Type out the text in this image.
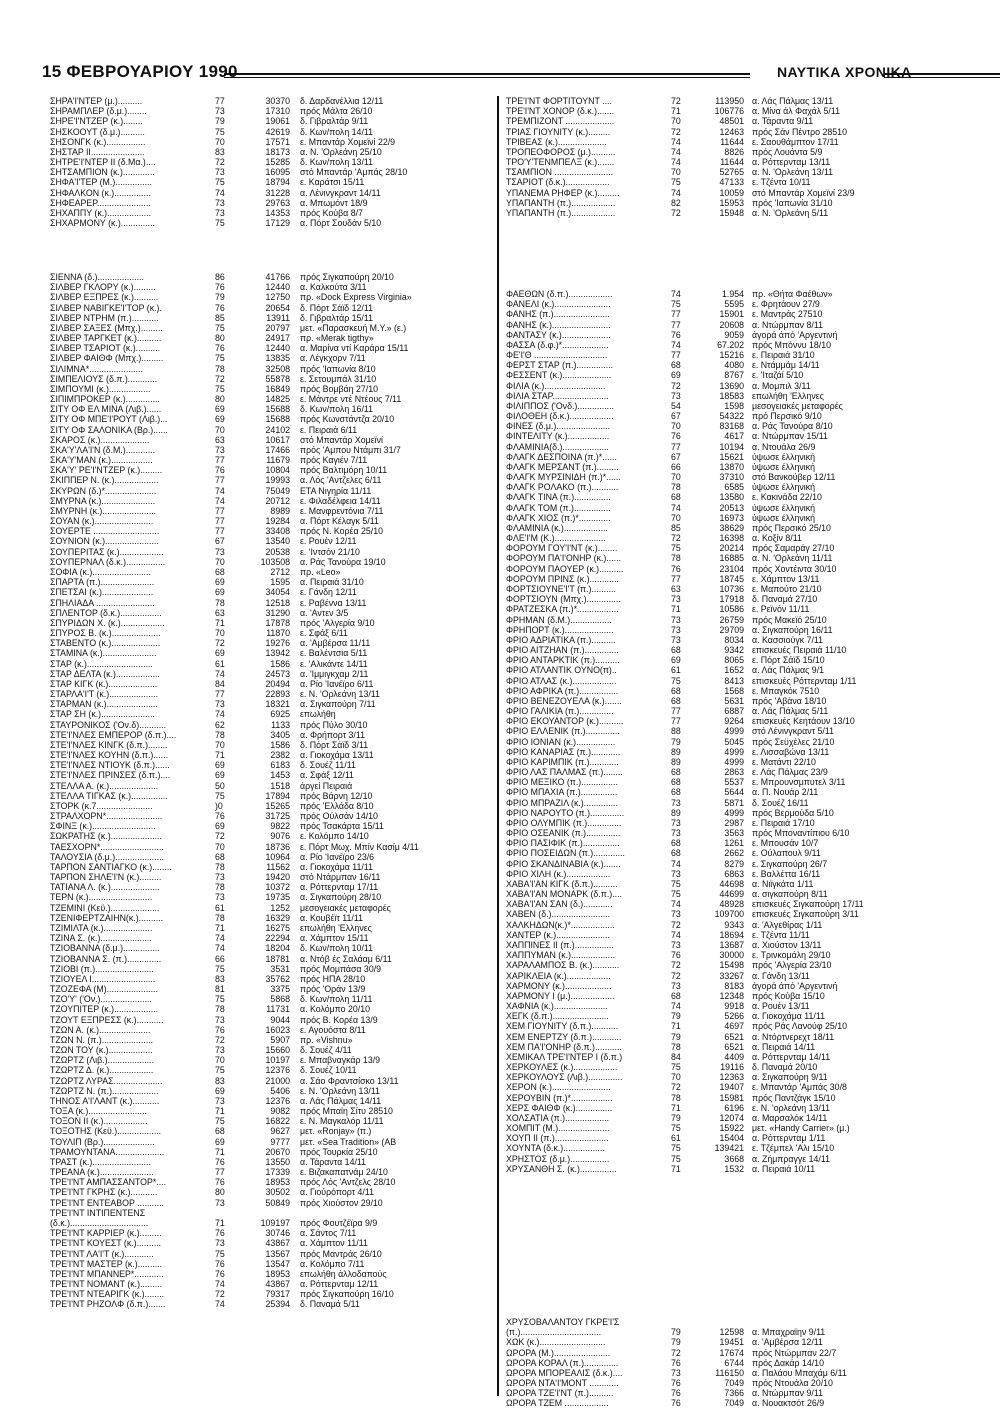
15 ΦΕΒΡΟΥΑΡΙΟΥ 1990	ΝΑΥΤΙΚΑ ΧΡΟΝΙΚΑ
ΣΗΡΑ'Ι'ΝΤΕΡ (μ.)..........	77	30370 δ. Δαρδανέλλια 12/11
ΣΗΡΑΜΠΛΕΡ (δ.μ.)........	73	17310 πρός Μάλτα 26/10
ΣΗΡΕ'Ι'ΝΤΖΕΡ (κ.)........	79	19061 δ. Γιβραλτάρ 9/11
ΣΗΣΚΟΟΥΤ (δ.μ.)..........	75	42619 δ. Κων/πολη 14/11
ΣΗΣΟΝΓΚ (κ.)................	70	17571 ε. Μπαντάρ Χομεϊνί 22/9
ΣΗΣΤΑΡ ΙΙ......................	83	18173 α. Ν. 'Ορλεάνη 25/10
ΣΗΤΡΕ'Ι'ΝΤΕΡ ΙΙ (δ.Μα.)....	72	15285 δ. Κων/πολη 13/11
ΣΗΤΣΑΜΠΙΟΝ (κ.).............	73	16095 στό Μπαντάρ 'Αμπάς 28/10
ΣΗΦΑ'Ι'ΤΕΡ (Μ.)...............	75	18794 ε. Καράτσι 15/11
ΣΗΦΑΛΚΟΝ (κ.)...............	74	31228 α. Λένινγκραντ 14/11
ΣΗΦΕΑΡΕΡ......................	73	29763 α. Μπωμόντ 18/9
ΣΗΧΑΠΠΥ (κ.)..................	73	14353 πρός Κούβα 8/7
ΣΗΧΑΡΜΟΝΥ (κ.)..............	75	17129 α. Πόρτ Σουδάν 5/10
ΣΙΕΝΝΑ (δ.)...................	86	41766 πρός Σιγκαπούρη 20/10
ΣΙΛΒΕΡ ΓΚΛΟΡΥ (κ.).........	76	12440 α. Καλκούτα 3/11
ΣΙΛΒΕΡ ΕΞΠΡΕΣ (κ.)..........	79	12750 πρ. «Dock Express Virginia»
ΣΙΛΒΕΡ ΝΑΒΙΓΚΕ'Ι'ΤΟΡ (κ.).	76	20654 δ. Πόρτ Σάϊδ 12/11
ΣΙΛΒΕΡ ΝΤΡΗΜ (π.)...........	85	13911 δ. Γιβραλτάρ 15/11
ΣΙΛΒΕΡ ΣΑΞΕΣ (Μπχ.).........	75	20797 μετ. «Παρασκευή Μ.Υ.» (ε.)
ΣΙΛΒΕΡ ΤΑΡΓΚΕΤ (κ.)..........	80	24917 πρ. «Merak tigthy»
ΣΙΛΒΕΡ ΤΣΑΡΙΟΤ (κ.)..........	76	12440 α. Μαρίνα ντί Καράρα 15/11
ΣΙΛΒΕΡ ΦΑΙΘΦ (Μπχ.).........	75	13835 α. Λέγκχορν 7/11
ΣΙΛΙΜΝΑ*......................	78	32508 πρός 'Ιαπωνία 8/10
ΣΙΜΠΕΛΙΟΥΣ (δ.π.)............	72	55878 ε. Σετουμπάλ 31/10
ΣΙΜΠΟΥΜΙ (κ.).................	75	16849 πρός Βομβάη 27/10
ΣΙΠΙΜΠΡΟΚΕΡ (κ.)..............	80	14825 ε. Μάντρε ντέ Ντέους 7/11
ΣΙΤΥ ΟΦ ΕΛ ΜΙΝΑ (Λιβ.)......	69	15688 δ. Κων/πολη 16/11
ΣΙΤΥ ΟΦ ΜΠΕ'Ι'ΡΟΥΤ (Λιβ.)...	69	15688 πρός Κωνστάντζα 20/10
ΣΙΤΥ ΟΦ ΣΑΛΟΝΙΚΑ (Βρ.)......	70	24102 ε. Πειραιά 6/11
ΣΚΑΡΟΣ (κ.)....................	63	10617 στό Μπαντάρ Χομεϊνί
ΣΚΑ'Υ'ΛΑ'Ι'Ν (δ.Μ.)............	73	17466 πρός 'Αμπου Ντάμπι 31/7
ΣΚΑ'Υ'ΜΑΝ (κ.).................	77	11679 πρός Καγιέν 7/11
ΣΚΑ'Υ' ΡΕ'Ι'ΝΤΖΕΡ (κ.).........	76	10804 πρός Βαλτιμόρη 10/11
ΣΚΙΠΠΕΡ Ν. (κ.)..................	77	19993 α. Λός 'Αντζελες 6/11
ΣΚΥΡΩΝ (δ.)*.....................	74	75049 ΕΤΑ Νιγηρία 11/11
ΣΜΥΡΝΑ (κ.)......................	74	20712 ε. Φιλαδέλφεια 14/11
ΣΜΥΡΝΗ (κ.)......................	77	8989 ε. Μανφρεντόνια 7/11
ΣΟΥΑΝ (κ.)........................	77	19284 α. Πόρτ Κέλαγκ 5/11
ΣΟΥΕΡΤΕ ...........................	77	33408 πρός Ν. Κορέα 25/10
ΣΟΥΝΙΟΝ (κ.)......................	67	13540 ε. Ρουέν 12/11
ΣΟΥΠΕΡΙΤΑΣ (κ.)..................	73	20538 ε. 'Ιντσόν 21/10
ΣΟΥΠΕΡΝΑΛ (δ.κ.)................	70	103508 α. Ράς Τανούρα 19/10
ΣΟΦΙΑ (κ.)........................	68	2712 πρ. «Leo»
ΣΠΑΡΤΑ (π.)......................	69	1595 α. Πειραιά 31/10
ΣΠΕΤΣΑΙ (κ.).....................	69	34054 ε. Γάνδη 12/11
ΣΠΗΛΙΑΔΑ ........................	78	12518 ε. Ραβέννα 13/11
ΣΠΛΕΝΤΟΡ (δ.κ.).................	63	31290 α. 'Αντεν 3/5
ΣΠΥΡΙΔΩΝ Χ. (κ.)..................	71	17878 πρός 'Αλγερία 9/10
ΣΠΥΡΟΣ Β. (κ.)....................	70	11870 ε. Σφάξ 6/11
ΣΤΑΒΕΝΤΟ (κ.)....................	72	19276 α. 'Αμβέρσα 11/11
ΣΤΑΜΙΝΑ (κ.)......................	69	13942 ε. Βαλέντσια 5/11
ΣΤΑΡ (κ.)...........................	61	1586 ε. 'Αλικάντε 14/11
ΣΤΑΡ ΔΕΛΤΑ (κ.)..................	74	24573 α. 'Ιμμιγκχαμ 2/11
ΣΤΑΡ ΚΙΓΚ (κ.)....................	84	20494 α. Ρίο 'Ιανέϊρο 6/11
ΣΤΑΡΛΑ'Ι'Τ (κ.)....................	77	22893 ε. Ν. 'Ορλεάνη 13/11
ΣΤΑΡΜΑΝ (κ.).....................	73	18321 α. Σιγκαπούρη 7/11
ΣΤΑΡ ΣΗ (κ.)......................	74	6925 επωλήθη
ΣΤΑΥΡΟΝΙΚΟΣ ('Ον.δ)...........	62	1133 πρός Πύλο 30/10
ΣΤΕ'Ι'ΝΛΕΣ ΕΜΠΕΡΟΡ (δ.π.)....	78	3405 α. Φρήπορτ 3/11
ΣΤΕ'Ι'ΝΛΕΣ ΚΙΝΓΚ (δ.π.)........	70	1586 δ. Πόρτ Σάϊδ 3/11
ΣΤΕ'Ι'ΝΛΕΣ ΚΟΥΗΝ (δ.π.)......	71	2382 α. Γιοκοχάμα 13/11
ΣΤΕ'Ι'ΝΛΕΣ ΝΤΙΟΥΚ (δ.π.)......	69	6183 δ. Σουέζ 11/11
ΣΤΕ'Ι'ΝΛΕΣ ΠΡΙΝΣΕΣ (δ.π.)....	69	1453 α. Σφάξ 12/11
ΣΤΕΛΛΑ Α. (κ.)....................	50	1518 άργεί Πειραιά
ΣΤΕΛΛΑ ΤΙΓΚΑΣ (κ.)...............	75	17894 πρός Βάρνη 12/10
ΣΤΟΡΚ (κ.7.......................	)0	15265 πρός 'Ελλάδα 8/10
ΣΤΡΑΛΧΟΡΝ*.......................	76	31725 πρός Ούλσάν 14/10
ΣΦΙΝΞ (κ.)..........................	69	9822 πρός Τσακάρτα 15/11
ΣΩΚΡΑΤΗΣ (κ.).....................	72	9076 ε. Κολόμπο 14/10
ΤΑΕΣΧΟΡΝ*..........................	70	18736 ε. Πόρτ Μωχ. Μπίν Κασίμ 4/11
ΤΑΛΟΥΣΙΑ (δ.μ.)....................	68	10964 α. Ρίο 'Ιανέϊρο 23/6
ΤΑΡΠΟΝ ΣΑΝΤΙΑΓΚΟ (κ.)........	78	11562 α. Γιοκοχάμα 11/11
ΤΑΡΠΟΝ ΣΗΛΕ'Ι'Ν (κ.).........	73	19420 στό Ντάρμπαν 16/11
ΤΑΤΙΑΝΑ Λ. (κ.)....................	78	10372 α. Ρόττερνταμ 17/11
ΤΕΡΝ (κ.)..........................	73	19735 α. Σιγκαπούρη 28/10
ΤΖΕΜΙΝΙ (Κεϋ.)....................	61	1252 μεσογειακές μεταφορές
ΤΖΕΝΙΦΕΡΤΖΑΙΗΝ(κ.)..........	78	16329 α. Κουβέϊτ 11/11
ΤΖΙΜΙΛΤΑ (κ.)....................	71	16275 επωλήθη 'Ελληνες
ΤΖΙΝΑ Σ. (κ.).....................	74	22294 α. Χάμπτον 15/11
ΤΖΙΟΒΑΝΝΑ (δ.μ.)...............	74	18204 δ. Κων/πολη 10/11
ΤΖΙΟΒΑΝΝΑ Σ. (π.)..............	66	18781 α. Ντόβ ές Σαλάαμ 6/11
ΤΖΙΟΒΙ (π.)........................	75	3531 πρός Μομπάσα 30/9
ΤΖΙΟΥΕΛ Ι..........................	83	35762 πρός ΗΠΑ 28/10
ΤΖΟΖΕΦΑ (Μ).....................	81	3375 πρός 'Οράν 13/9
ΤΖΟ'Υ' ('Ον.).....................	75	5868 δ. Κων/πολη 11/11
ΤΖΟΥΠΙΤΕΡ (κ.)..................	78	11731 α. Κολόμπο 20/10
ΤΖΟΥΤ ΕΞΠΡΕΣΣ (κ.)...........	73	9044 πρός Β. Κορέα 13/9
ΤΖΩΝ Α. (κ.).....................	76	16023 ε. Αγουόστα 8/11
ΤΖΩΝ Ν. (π.).....................	72	5907 πρ. «Vishnu»
ΤΖΩΝ ΤΟΥ (κ.)..................	73	15660 δ. Σουέζ 4/11
ΤΖΩΡΤΖ (Λιβ.)...................	70	10197 ε. Μπαβναγκάρ 13/9
ΤΖΩΡΤΖ Δ. (κ.)..................	75	12376 δ. Σουέζ 10/11
ΤΖΩΡΤΖ ΛΥΡΑΣ....................	83	21000 α. Σάο Φραντσίσκο 13/11
ΤΖΩΡΤΖ Ν. (π.)...................	69	5406 ε. Ν. 'Ορλεάνη 13/11
ΤΗΝΟΣ Α'Ι'ΛΑΝΤ (κ.)...........	73	12376 α. Λάς Πάλμας 14/11
ΤΟΞΑ (κ.)........................	71	9082 πρός Μπαϊη Σίτυ 28510
ΤΟΞΟΝ ΙΙ (κ.)..................	75	16822 ε. Ν. Μαγκαλόρ 11/11
ΤΟΞΟΤΗΣ (Κεϋ.)..................	68	9627 μετ. «Ronjay» (π.)
ΤΟΥΛΙΠ (Βρ.).....................	69	9777 μετ. «Sea Tradition» (ΑΒ
ΤΡΑΜΟΥΝΤΑΝΑ....................	71	20670 πρός Τουρκία 25/10
ΤΡΑΣΤ (κ.)........................	76	13550 α. Τάραντα 14/11
ΤΡΕΑΝΑ (κ.)......................	77	17339 ε. Βιζακαπατνάμ 24/10
ΤΡΕ'Ι'ΝΤ ΑΜΠΑΣΣΑΝΤΟΡ*....	76	18953 πρός Λός 'Αντζελς 28/10
ΤΡΕ'Ι'ΝΤ ΓΚΡΗΣ (κ.)...........	80	30502 α. Γιούρόπορτ 4/11
ΤΡΕ'Ι'ΝΤ ΕΝΤΕΑΒΟΡ ...........	73	50849 πρός Χιούστον 29/10
ΤΡΕ'Ι'ΝΤ ΙΝΤΙΠΕΝΤΕΝΣ
(δ.κ.)................................	71	109197 πρός Φουτζέϊρα 9/9
ΤΡΕ'Ι'ΝΤ ΚΑΡΡΙΕΡ (κ.).........	76	30746 α. Σάντος 7/11
ΤΡΕ'Ι'ΝΤ ΚΟΥΕΣΤ (κ.)..........	73	43867 α. Χάμπτον 11/11
ΤΡΕ'Ι'ΝΤ ΛΑ'Ι'Τ (κ.)............	75	13567 πρός Μαντράς 26/10
ΤΡΕ'Ι'ΝΤ ΜΑΣΤΕΡ (κ.)..........	76	13547 α. Κολόμπο 7/11
ΤΡΕ'Ι'ΝΤ ΜΠΑΝΝΕΡ*............	76	18953 επωλήθη άλλοδαπούς
ΤΡΕ'Ι'ΝΤ ΝΟΜΑΝΤ (κ.).........	74	43867 α. Ρόττερνταμ 12/11
ΤΡΕ'Ι'ΝΤ ΝΤΕΑΡΙΓΚ (κ.)........	72	79317 πρός Σιγκαπούρη 16/10
ΤΡΕ'Ι'ΝΤ ΡΗΖΟΛΦ (δ.π.).......	74	25394 δ. Παναμά 5/11
ΤΡΕ'Ι'ΝΤ ΦΟΡΤΙΤΟΥΝΤ ....	72	113950 α. Λάς Πάλμας 13/11
ΤΡΕ'Ι'ΝΤ ΧΟΝΟΡ (δ.κ.).......	71	106776 α. Μίνα άλ Φαχάλ 5/11
ΤΡΕΜΠΙΖΟΝΤ ....................	70	48501 α. Τάραντα 9/11
ΤΡΙΑΣ ΓΙΟΥΝΙΤΥ (κ.).........	72	12463 πρός Σάν Πέντρο 28510
ΤΡΙΒΕΑΣ (κ.)....................	74	11644 ε. Σαουθάμπτον 17/11
ΤΡΟΠΕΟΦΟΡΟΣ (μ.)..........	74	8826 πρός Λουάντα 5/9
ΤΡΟ'Υ'ΤΕΝΜΠΕΛΞ (κ.).......	74	11644 α. Ρόττερνταμ 13/11
ΤΣΑΜΠΙΟΝ ........................	70	52765 α. Ν. 'Ορλεάνη 13/11
ΤΣΑΡΙΟΤ (δ.κ.)..................	75	47133 ε. Τζέντα 10/11
ΥΠΑΝΕΜΑ ΡΗΦΕΡ (κ.).........	74	10059 στό Μπαντάρ Χομεϊνί 23/9
ΥΠΑΠΑΝΤΗ (π.)..................	82	15953 πρός 'Ιαπωνία 31/10
ΥΠΑΠΑΝΤΗ (π.)..................	72	15948 α. Ν. 'Ορλεάνη 5/11
ΦΑΕΘΩΝ (δ.π.)..................	74	1.954 πρ. «Θήτα Φαέθων»
ΦΑΝΕΛΙ (κ.).......................	75	5595 ε. Φρητάουν 27/9
ΦΑΝΗΣ (π.).......................	77	15901 ε. Μαντράς 27510
ΦΑΝΗΣ (κ.)........................	77	20608 α. Ντώρμπαν 8/11
ΦΑΝΤΑΣΥ (κ.)....................	76	9059 άγορά άπό 'Αργεντινή
ΦΑΣΣΑ (δ.φ.)*...................	74	67.202 πρός Μπόννυ 18/10
ΦΕ'Ι'Θ ..............................	77	15216 ε. Πειραιά 31/10
ΦΕΡΣΤ ΣΤΑΡ (π.)...............	68	4080 ε. Ντάμμάμ 14/11
ΦΕΣΣΕΝΤ (κ.)....................	69	8767 ε. 'Ιταζάί 5/10
ΦΙΛΙΑ (κ.).........................	72	13690 α. Μομπιλ 3/11
ΦΙΛΙΑ ΣΤΑΡ.......................	73	18583 επωλήθη 'Ελληνες
ΦΙΛΙΠΠΟΣ ('Ονδ.)...............	54	1598 μεσογειακές μεταφορές
ΦΙΛΟΘΕΗ (δ.κ.)..................	67	54322 πρό Περσικό 9/10
ΦΙΝΕΣ (δ.μ.)......................	70	83168 α. Ράς Τανούρα 8/10
ΦΙΝΤΕΛΙΤΥ (κ.).................	76	4617 α. Ντώρμπαν 15/11
ΦΛΑΜΙΝΙΑ(δ.)...................	77	10194 α. Ντουάλα 26/9
ΦΛΑΓΚ ΔΕΣΠΟΙΝΑ (π.)*......	67	15621 ύψωσε έλληνική
ΦΛΑΓΚ ΜΕΡΣΑΝΤ (π.).........	66	13870 ύψωσε έλληνική
ΦΛΑΓΚ ΜΥΡΣΙΝΙΔΗ (π.)*......	70	37310 στό Βανκούβερ 12/11
ΦΛΑΓΚ ΡΟΛΑΚΟ (π.)...........	78	6585 ύψωσε έλληνική
ΦΛΑΓΚ ΤΙΝΑ (π.)...............	68	13580 ε. Κακινάδα 22/10
ΦΛΑΓΚ ΤΟΜ (π.)...............	74	20513 ύψωσε έλληνική
ΦΛΑΓΚ ΧΙΟΣ (π.)*.............	70	16973 ύψωσε έλληνική
ΦΛΑΜΙΝΙΑ (κ.)..................	85	38629 πρός Περσικό 25/10
ΦΛΕ'Ι'Μ (Κ.).....................	72	16398 α. Κοξίν 8/11
ΦΟΡΟΥΜ ΓΟΥ'Ι'ΝΤ (κ.)........	75	20214 πρός Σαμαράγ 27/10
ΦΟΡΟΥΜ ΠΑ'Ι'ΟΝΗΡ (κ.)......	78	16885 α. Ν. 'Ορλεάνη 11/11
ΦΟΡΟΥΜ ΠΑΟΥΕΡ (κ.)..........	76	23104 πρός Χοντέιντα 30/10
ΦΟΡΟΥΜ ΠΡΙΝΣ (κ.)............	77	18745 ε. Χάμπτον 13/11
ΦΟΡΤΣΙΟΥΝΕ'Ι'Τ (π.)..........	63	10736 ε. Μαπούτο 21/10
ΦΟΡΤΣΙΟΥΝ (Μπχ.)..............	73	17918 δ. Παναμά 27/10
ΦΡΑΤΖΕΣΚΑ (π.)*.................	71	10586 ε. Ρεϊνόν 11/11
ΦΡΗΜΑΝ (δ.Μ.).................	73	26759 πρός Μακεϊό 25/10
ΦΡΗΠΟΡΤ (κ.)....................	73	29709 α. Σιγκαπούρη 16/11
ΦΡΙΟ ΑΔΡΙΑΤΙΚΑ (π.)..........	73	8034 α. Κασσιούγκ 7/11
ΦΡΙΟ ΑΙΤΖΗΑΝ (π.)..............	68	9342 επισκευές Πειραιά 11/10
ΦΡΙΟ ΑΝΤΑΡΚΤΙΚ (π.)..........	69	8065 ε. Πόρτ Σάϊδ 15/10
ΦΡΙΟ ΑΤΛΑΝΤΙΚ ΟΥΝΟ(π)..	61	1652 α. Λάς Πάλμας 9/1
ΦΡΙΟ ΑΤΛΑΣ (κ.)..................	75	8413 επισκευές Ρόττερνταμ 1/11
ΦΡΙΟ ΑΦΡΙΚΑ (π.)................	68	1568 ε. Μπαγκόκ 7510
ΦΡΙΟ ΒΕΝΕΖΟΥΕΛΑ (κ.).......	68	5631 πρός 'Αβάνα 18/10
ΦΡΙΟ ΓΑΛΙΚΙΑ (π.)..............	77	6887 α. Λάς Πάλμας 5/11
ΦΡΙΟ ΕΚΟΥΑΝΤΟΡ (κ.)..........	77	9264 επισκευές Κεητάουν 13/10
ΦΡΙΟ ΕΛΛΕΝΙΚ (π.)..............	88	4999 στό Λένινγκραντ 5/11
ΦΡΙΟ ΙΟΝΙΑΝ (κ.)................	79	5045 πρός Σεϋχέλες 21/10
ΦΡΙΟ ΚΑΝΑΡΙΑΣ (π.)............	89	4999 ε. Λισσαβώνα 13/11
ΦΡΙΟ ΚΑΡΙΜΠΙΚ (π.)............	89	4999 ε. Ματάντι 22/10
ΦΡΙΟ ΛΑΣ ΠΑΛΜΑΣ (π.)........	68	2863 ε. Λάς Πάλμας 23/9
ΦΡΙΟ ΜΕΞΙΚΟ (π.)...............	68	5537 ε. Μπρουνσμπυτελ 3/11
ΦΡΙΟ ΜΠΑΧΙΑ (π.)...............	68	5644 α. Π. Νουάρ 2/11
ΦΡΙΟ ΜΠΡΑΖΙΛ (κ.)..............	73	5871 δ. Σουέζ 16/11
ΦΡΙΟ ΝΑΡΟΥΤΟ (π.)..............	89	4999 πρός Βερμούδα 5/10
ΦΡΙΟ ΟΛΥΜΠΙΚ (π.)..............	73	2987 ε. Πειραιά 17/10
ΦΡΙΟ ΟΣΕΑΝΙΚ (π.)..............	73	3563 πρός Μποναντίπιου 6/10
ΦΡΙΟ ΠΑΣΙΦΙΚ (π.)...............	68	1261 ε. Μπουσάν 10/7
ΦΡΙΟ ΠΟΣΕΙΔΩΝ (π.).............	68	2662 ε. Ούλαπουλ 9/11
ΦΡΙΟ ΣΚΑΝΔΙΝΑΒΙΑ (κ.).......	74	8279 ε. Σιγκαπούρη 26/7
ΦΡΙΟ ΧΙΛΗ (κ.)..................	73	6863 ε. Βαλλέττα 16/11
ΧΑΒΑ'Ι'ΑΝ ΚΙΓΚ (δ.π.)..........	75	44698 α. Νιϊγκάτα 1/11
ΧΑΒΑ'Ι'ΑΝ ΜΟΝΑΡΚ (δ.π.)....	75	44699 α. σιγκαπούρη 8/11
ΧΑΒΑ'Ι'ΑΝ ΣΑΝ (δ.)............	74	48928 επισκευές Σιγκαπούρη 17/11
ΧΑΒΕΝ (δ.)........................	73	109700 επισκευές Σιγκαπούρη 3/11
ΧΑΛΚΗΔΩΝ(κ.)*..................	72	9343 α. 'Αλγεθίρας 1/11
ΧΑΝΤΕΡ (κ.)......................	74	18694 ε. Τζέντα 11/11
ΧΑΠΠΙΝΕΣ ΙΙ (π.)................	73	13687 α. Χιούστον 13/11
ΧΑΠΠΥΜΑΝ (κ.)..................	76	30000 ε. Τρινκομάλη 29/10
ΧΑΡΑΛΑΜΠΟΣ Β. (κ.)...........	72	15498 πρός 'Αλγερία 23/10
ΧΑΡΙΚΛΕΙΑ (κ.)..................	72	33267 α. Γάνδη 13/11
ΧΑΡΜΟΝΥ (κ.)...................	73	8183 άγορά άπό 'Αργεντινή
ΧΑΡΜΟΝΥ Ι (μ.)..................	68	12348 πρός Κούβα 15/10
ΧΑΦΝΙΑ (κ.)......................	74	9918 α. Ρουέν 13/11
ΧΕΓΚ (δ.π.).......................	79	5266 α. Γιοκοχάμα 11/11
ΧΕΜ ΓΙΟΥΝΙΤΥ (δ.π.)...........	71	4697 πρός Ράς Λανούφ 25/10
ΧΕΜ ΕΝΕΡΤΖΥ (δ.π.)............	79	6521 α. Ντόρτνερεχτ 18/11
ΧΕΜ ΠΑ'Ι'ΟΝΗΡ (δ.π.)...........	78	6521 α. Πειραιά 14/11
ΧΕΜΙΚΑΛ ΤΡΕ'Ι'ΝΤΕΡ Ι (δ.π.)	84	4409 α. Ρόττερνταμ 14/11
ΧΕΡΚΟΥΛΕΣ (κ.)..................	75	19116 δ. Παναμά 20/10
ΧΕΡΚΟΥΛΟΥΣ (Λιβ.)..............	70	12363 α. Σιγκαπούρη 9/11
ΧΕΡΟΝ (κ.)........................	72	19407 ε. Μπαντάρ 'Αμπάς 30/8
ΧΕΡΟΥΒΙΝ (π.)*.................	78	15981 πρός Παντζάγκ 15/10
ΧΕΡΣ ΦΑΙΘΦ (κ.)...............	71	6196 ε. Ν. 'ορλεάνη 13/11
ΧΟΛΣΑΤΙΑ (π.)..................	79	12074 α. Μαρσαλόκ 14/11
ΧΟΜΠΙΤ (Μ.).....................	75	15922 μετ. «Handy Carrier» (μ.)
ΧΟΥΠ ΙΙ (π.)......................	61	15404 α. Ρόττερνταμ 1/11
ΧΟΥΝΤΑ (δ.κ.).................	75	139421 ε. Τζέμπελ 'Αλι 15/10
ΧΡΗΣΤΟΣ (δ.μ.)................	75	3668 α. Ζήμπραγγε 14/11
ΧΡΥΣΑΝΘΗ Σ. (κ.)...............	71	1532 α. Πειραιά 10/11
ΧΡΥΣΟΒΑΛΑΝΤΟΥ ΓΚΡΕ'Ι'Σ
(π.).................................	79	12598 α. Μπαχραϊην 9/11
ΧΩΚ (κ.)...........................	79	19451 α. 'Αμβέρσα 12/11
ΩΡΟΡΑ (Μ.).......................	72	17674 πρός Ντώρμπαν 22/7
ΩΡΟΡΑ ΚΟΡΑΛ (π.)..............	76	6744 πρός Δακάρ 14/10
ΩΡΟΡΑ ΜΠΟΡΕΑΛΙΣ (δ.κ.)....	73	116150 α. Παλάου Μπαχάμ 6/11
ΩΡΟΡΑ ΝΤΑ'Ι'ΜΟΝΤ ............	76	7049 πρός Ντουάλα 20/10
ΩΡΟΡΑ ΤΖΕ'Ι'ΝΤ (π.)..........	76	7366 α. Ντώρμπαν 9/11
ΩΡΟΡΑ ΤΖΕΜ ..................	76	7049 α. Νουακτσότ 26/9
